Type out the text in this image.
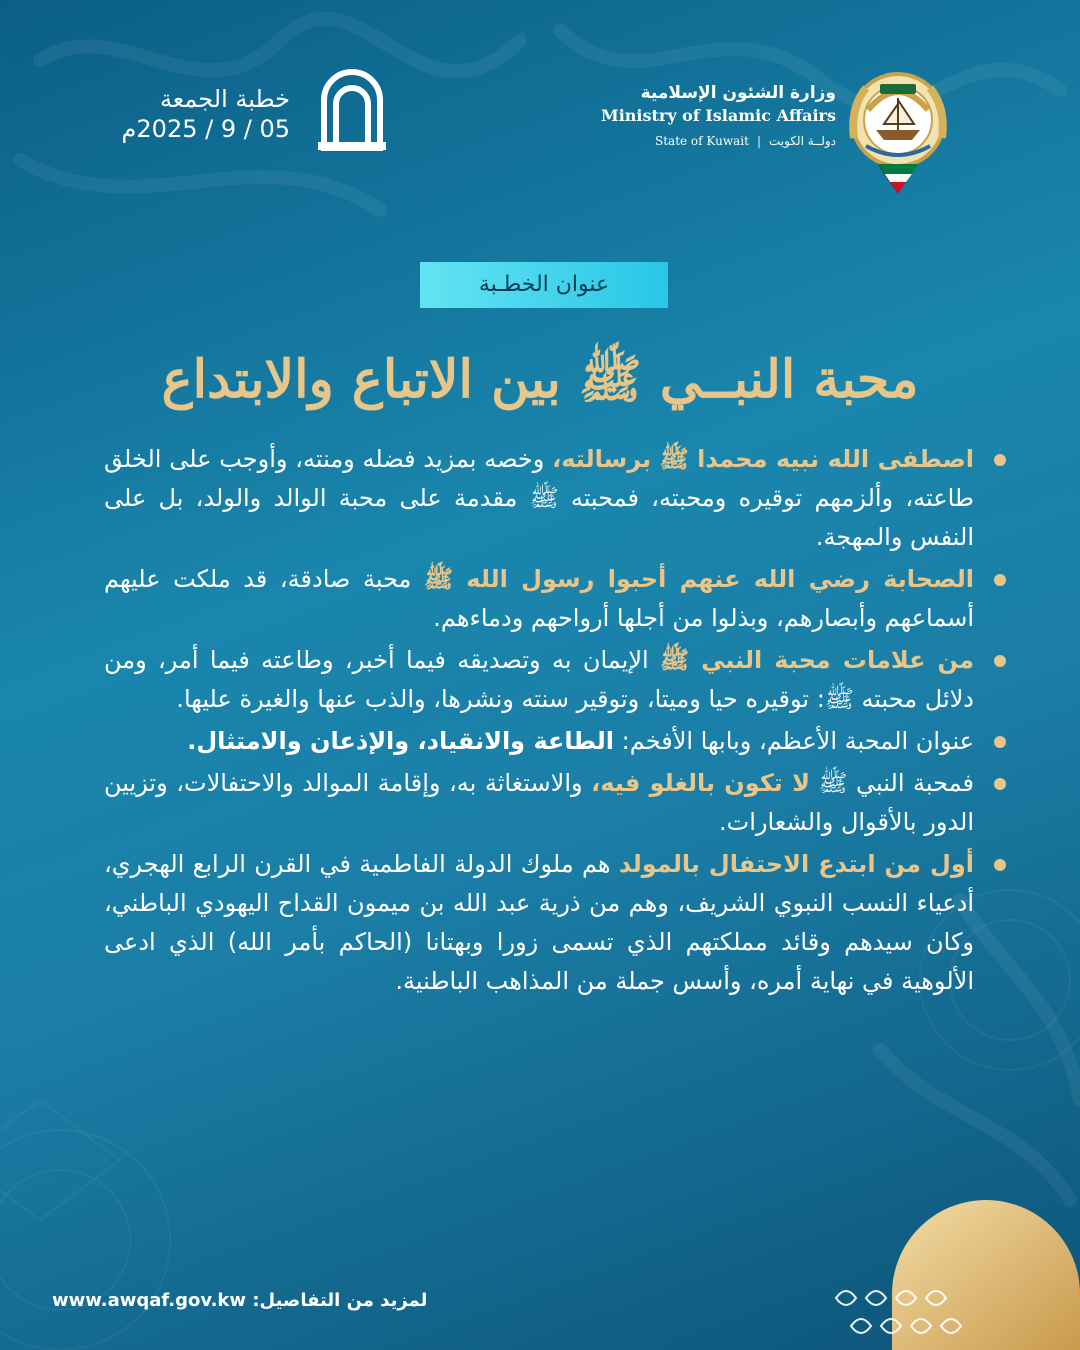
وزارة الشئون الإسلامية
Ministry of Islamic Affairs
State of Kuwait | دولــة الكويت
خطبة الجمعة
05 / 9 / 2025م
عنوان الخطـبة
محبة النبــي ﷺ بين الاتباع والابتداع
اصطفى الله نبيه محمدا ﷺ برسالته، وخصه بمزيد فضله ومنته، وأوجب على الخلق طاعته، وألزمهم توقيره ومحبته، فمحبته ﷺ مقدمة على محبة الوالد والولد، بل على النفس والمهجة.
الصحابة رضي الله عنهم أحبوا رسول الله ﷺ محبة صادقة، قد ملكت عليهم أسماعهم وأبصارهم، وبذلوا من أجلها أرواحهم ودماءهم.
من علامات محبة النبي ﷺ الإيمان به وتصديقه فيما أخبر، وطاعته فيما أمر، ومن دلائل محبته ﷺ: توقيره حيا وميتا، وتوقير سنته ونشرها، والذب عنها والغيرة عليها.
عنوان المحبة الأعظم، وبابها الأفخم: الطاعة والانقياد، والإذعان والامتثال.
فمحبة النبي ﷺ لا تكون بالغلو فيه، والاستغاثة به، وإقامة الموالد والاحتفالات، وتزيين الدور بالأقوال والشعارات.
أول من ابتدع الاحتفال بالمولد هم ملوك الدولة الفاطمية في القرن الرابع الهجري، أدعياء النسب النبوي الشريف، وهم من ذرية عبد الله بن ميمون القداح اليهودي الباطني، وكان سيدهم وقائد مملكتهم الذي تسمى زورا وبهتانا (الحاكم بأمر الله) الذي ادعى الألوهية في نهاية أمره، وأسس جملة من المذاهب الباطنية.
لمزيد من التفاصيل: www.awqaf.gov.kw
